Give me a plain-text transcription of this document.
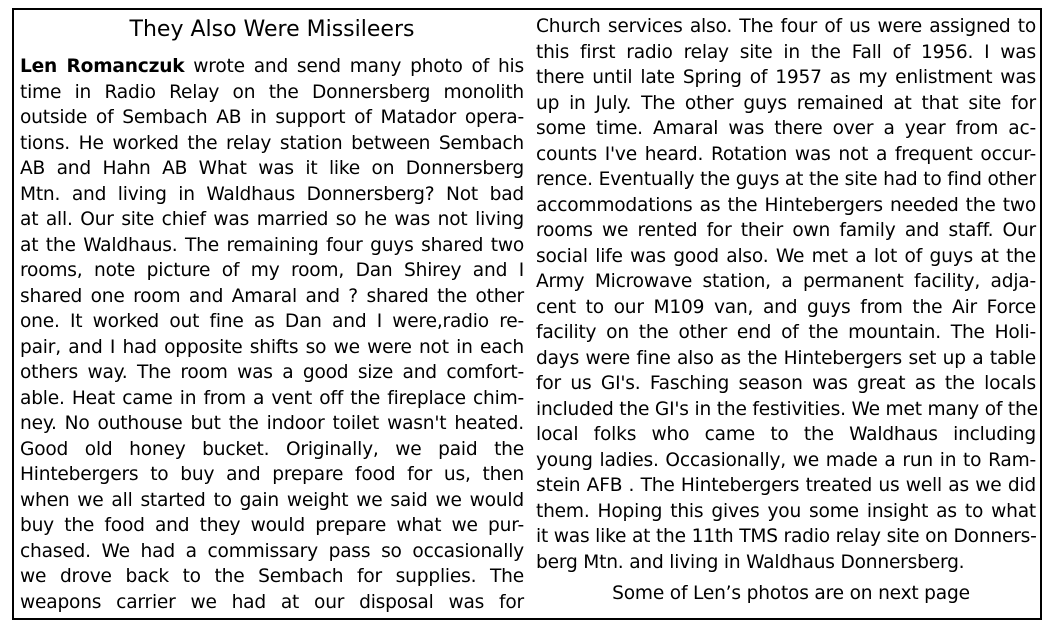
They Also Were Missileers
Len Romanczuk wrote and send many photo of his
time in Radio Relay on the Donnersberg monolith
outside of Sembach AB in support of Matador opera-
tions. He worked the relay station between Sembach
AB and Hahn AB What was it like on Donnersberg
Mtn. and living in Waldhaus Donnersberg? Not bad
at all. Our site chief was married so he was not living
at the Waldhaus. The remaining four guys shared two
rooms, note picture of my room, Dan Shirey and I
shared one room and Amaral and ? shared the other
one. It worked out fine as Dan and I were,radio re-
pair, and I had opposite shifts so we were not in each
others way. The room was a good size and comfort-
able. Heat came in from a vent off the fireplace chim-
ney. No outhouse but the indoor toilet wasn't heated.
Good old honey bucket. Originally, we paid the
Hintebergers to buy and prepare food for us, then
when we all started to gain weight we said we would
buy the food and they would prepare what we pur-
chased. We had a commissary pass so occasionally
we drove back to the Sembach for supplies. The
weapons carrier we had at our disposal was for
Church services also. The four of us were assigned to
this first radio relay site in the Fall of 1956. I was
there until late Spring of 1957 as my enlistment was
up in July. The other guys remained at that site for
some time. Amaral was there over a year from ac-
counts I've heard. Rotation was not a frequent occur-
rence. Eventually the guys at the site had to find other
accommodations as the Hintebergers needed the two
rooms we rented for their own family and staff. Our
social life was good also. We met a lot of guys at the
Army Microwave station, a permanent facility, adja-
cent to our M109 van, and guys from the Air Force
facility on the other end of the mountain. The Holi-
days were fine also as the Hintebergers set up a table
for us GI's. Fasching season was great as the locals
included the GI's in the festivities. We met many of the
local folks who came to the Waldhaus including
young ladies. Occasionally, we made a run in to Ram-
stein AFB . The Hintebergers treated us well as we did
them. Hoping this gives you some insight as to what
it was like at the 11th TMS radio relay site on Donners-
berg Mtn. and living in Waldhaus Donnersberg.
Some of Len’s photos are on next page
